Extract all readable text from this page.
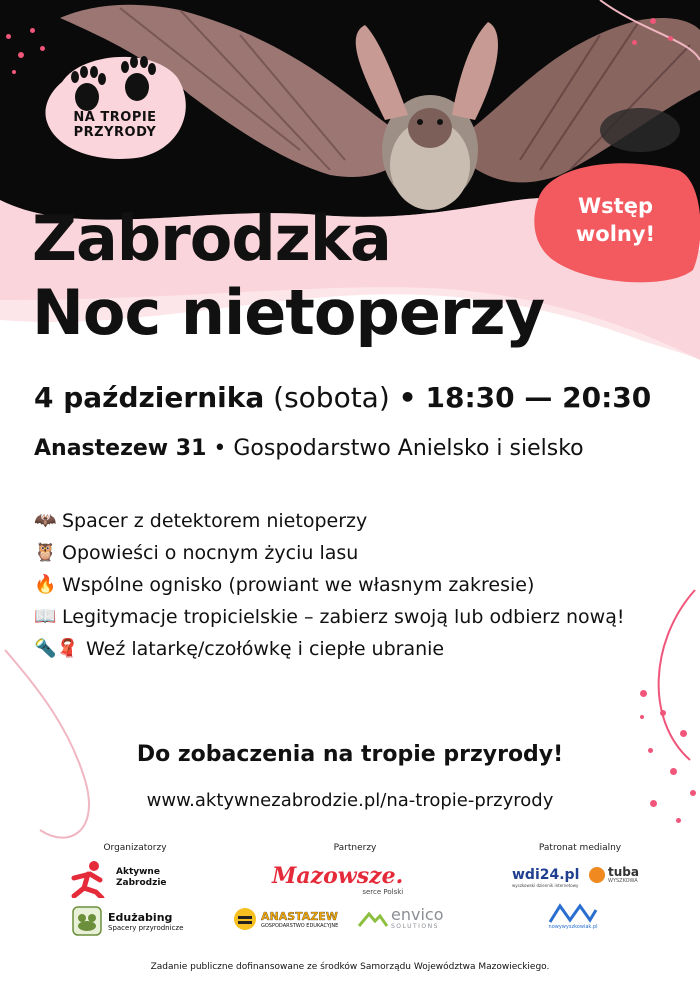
NA TROPIE
PRZYRODY
Wstęp
wolny!
Zabrodzka
Noc nietoperzy
4 października (sobota) • 18:30 — 20:30
Anastezew 31 • Gospodarstwo Anielsko i sielsko
🦇 Spacer z detektorem nietoperzy
🦉 Opowieści o nocnym życiu lasu
🔥 Wspólne ognisko (prowiant we własnym zakresie)
📖 Legitymacje tropicielskie – zabierz swoją lub odbierz nową!
🔦🧣 Weź latarkę/czołówkę i ciepłe ubranie
Do zobaczenia na tropie przyrody!
www.aktywnezabrodzie.pl/na-tropie-przyrody
Organizatorzy	Partnerzy	Patronat medialny
Aktywne
Zabrodzie
Edużabing
Spacery przyrodnicze
Mazowsze.
serce Polski
ANASTAZEW
GOSPODARSTWO EDUKACYJNE
envico
SOLUTIONS
wdi24.pl
wyszkowski dziennik internetowy
tuba
WYSZKOWA
nowywyszkowiak.pl
Zadanie publiczne dofinansowane ze środków Samorządu Województwa Mazowieckiego.
